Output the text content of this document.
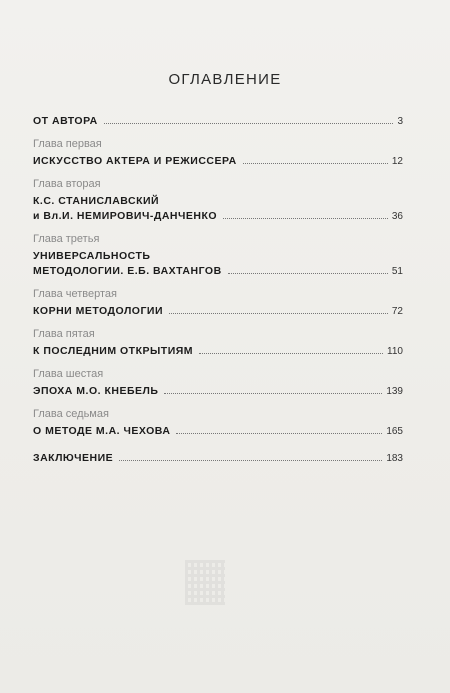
ОГЛАВЛЕНИЕ
ОТ АВТОРА	3
Глава первая
ИСКУССТВО АКТЕРА И РЕЖИССЕРА	12
Глава вторая
К.С. СТАНИСЛАВСКИЙ
и Вл.И. НЕМИРОВИЧ-ДАНЧЕНКО	36
Глава третья
УНИВЕРСАЛЬНОСТЬ
МЕТОДОЛОГИИ. Е.Б. ВАХТАНГОВ	51
Глава четвертая
КОРНИ МЕТОДОЛОГИИ	72
Глава пятая
К ПОСЛЕДНИМ ОТКРЫТИЯМ	110
Глава шестая
ЭПОХА М.О. КНЕБЕЛЬ	139
Глава седьмая
О МЕТОДЕ М.А. ЧЕХОВА	165
ЗАКЛЮЧЕНИЕ	183
